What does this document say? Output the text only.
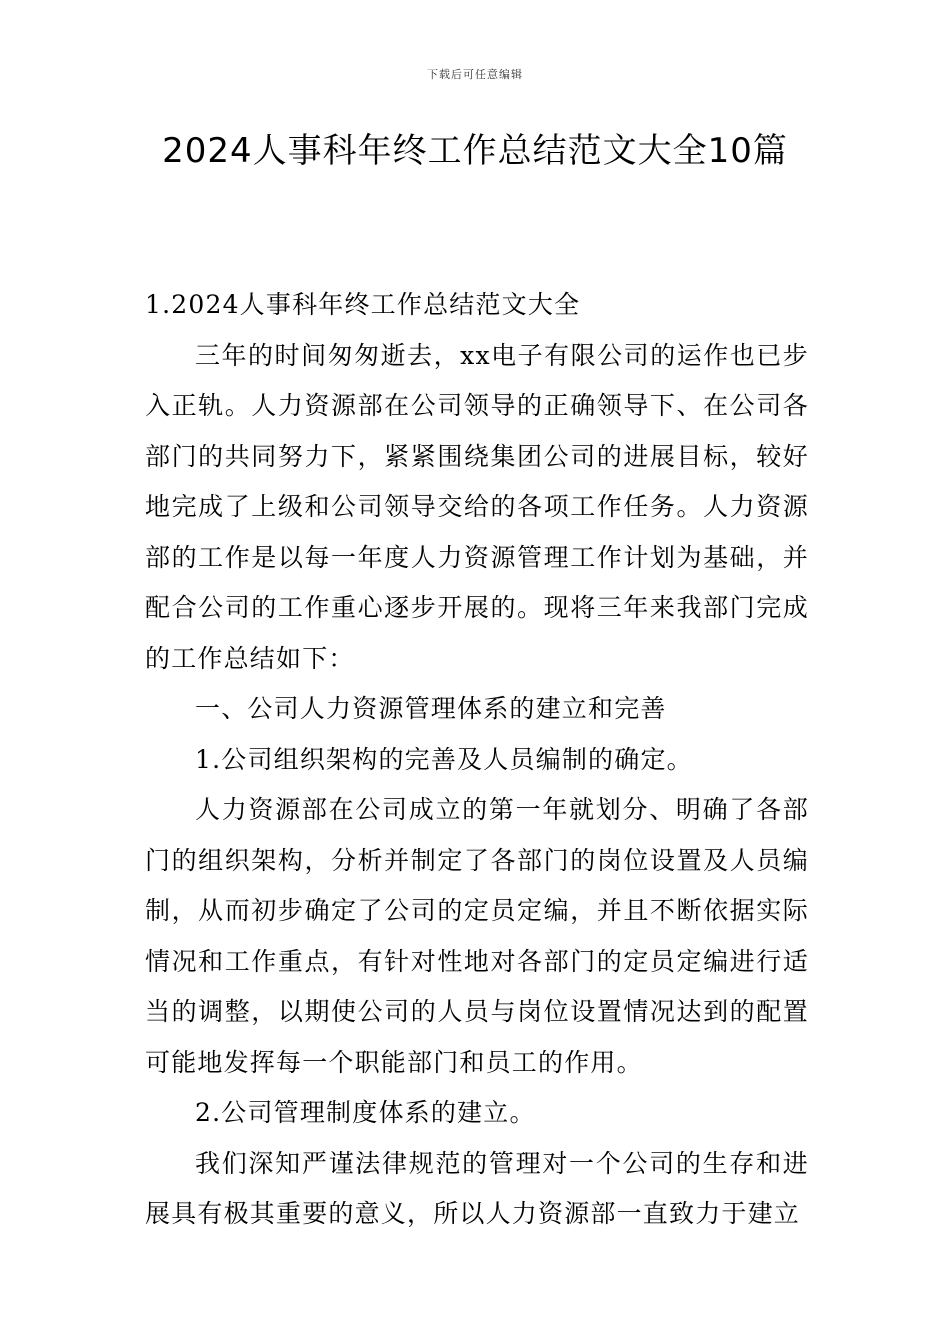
下载后可任意编辑
2024人事科年终工作总结范文大全10篇

1.2024人事科年终工作总结范文大全

三年的时间匆匆逝去，xx电子有限公司的运作也已步入正轨。人力资源部在公司领导的正确领导下、在公司各部门的共同努力下，紧紧围绕集团公司的进展目标，较好地完成了上级和公司领导交给的各项工作任务。人力资源部的工作是以每一年度人力资源管理工作计划为基础，并配合公司的工作重心逐步开展的。现将三年来我部门完成的工作总结如下：

一、公司人力资源管理体系的建立和完善

1.公司组织架构的完善及人员编制的确定。

人力资源部在公司成立的第一年就划分、明确了各部门的组织架构，分析并制定了各部门的岗位设置及人员编制，从而初步确定了公司的定员定编，并且不断依据实际情况和工作重点，有针对性地对各部门的定员定编进行适当的调整，以期使公司的人员与岗位设置情况达到的配置可能地发挥每一个职能部门和员工的作用。

2.公司管理制度体系的建立。

我们深知严谨法律规范的管理对一个公司的生存和进展具有极其重要的意义，所以人力资源部一直致力于建立
